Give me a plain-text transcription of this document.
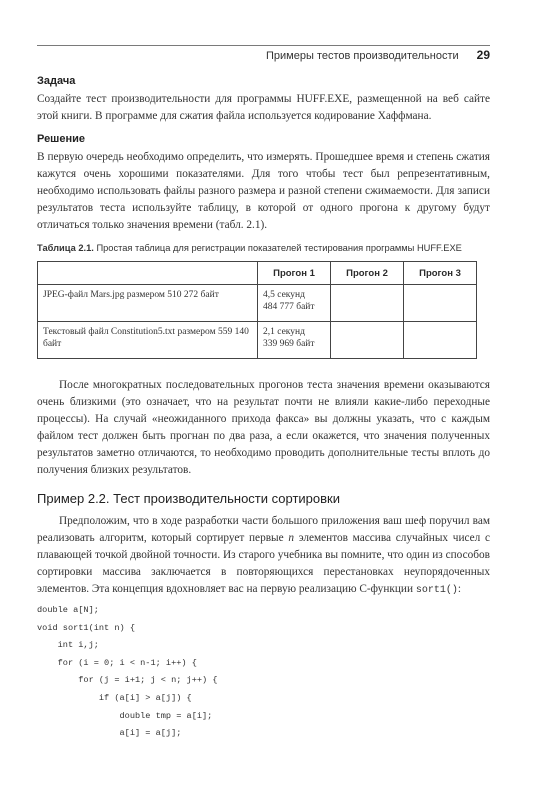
Примеры тестов производительности 29
Задача

Создайте тест производительности для программы HUFF.EXE, размещенной на веб сайте этой книги. В программе для сжатия файла используется кодирование Хаффмана.

Решение

В первую очередь необходимо определить, что измерять. Прошедшее время и степень сжатия кажутся очень хорошими показателями. Для того чтобы тест был репрезентативным, необходимо использовать файлы разного размера и разной степени сжимаемости. Для записи результатов теста используйте таблицу, в которой от одного прогона к другому будут отличаться только значения времени (табл. 2.1).

Таблица 2.1. Простая таблица для регистрации показателей тестирования программы HUFF.EXE
	Прогон 1	Прогон 2	Прогон 3
JPEG-файл Mars.jpg размером 510 272 байт	4,5 секунд
484 777 байт		

Текстовый файл Constitution5.txt размером 559 140 байт	2,1 секунд
339 969 байт		

После многократных последовательных прогонов теста значения времени оказываются очень близкими (это означает, что на результат почти не влияли какие-либо переходные процессы). На случай «неожиданного прихода факса» вы должны указать, что с каждым файлом тест должен быть прогнан по два раза, а если окажется, что значения полученных результатов заметно отличаются, то необходимо проводить дополнительные тесты вплоть до получения близких результатов.

Пример 2.2. Тест производительности сортировки

Предположим, что в ходе разработки части большого приложения ваш шеф поручил вам реализовать алгоритм, который сортирует первые n элементов массива случайных чисел с плавающей точкой двойной точности. Из старого учебника вы помните, что один из способов сортировки массива заключается в повторяющихся перестановках неупорядоченных элементов. Эта концепция вдохновляет вас на первую реализацию С-функции sort1():

double a[N];
void sort1(int n) {
int i,j;
for (i = 0; i < n-1; i++) {
for (j = i+1; j < n; j++) {
if (a[i] > a[j]) {
double tmp = a[i];
a[i] = a[j];
